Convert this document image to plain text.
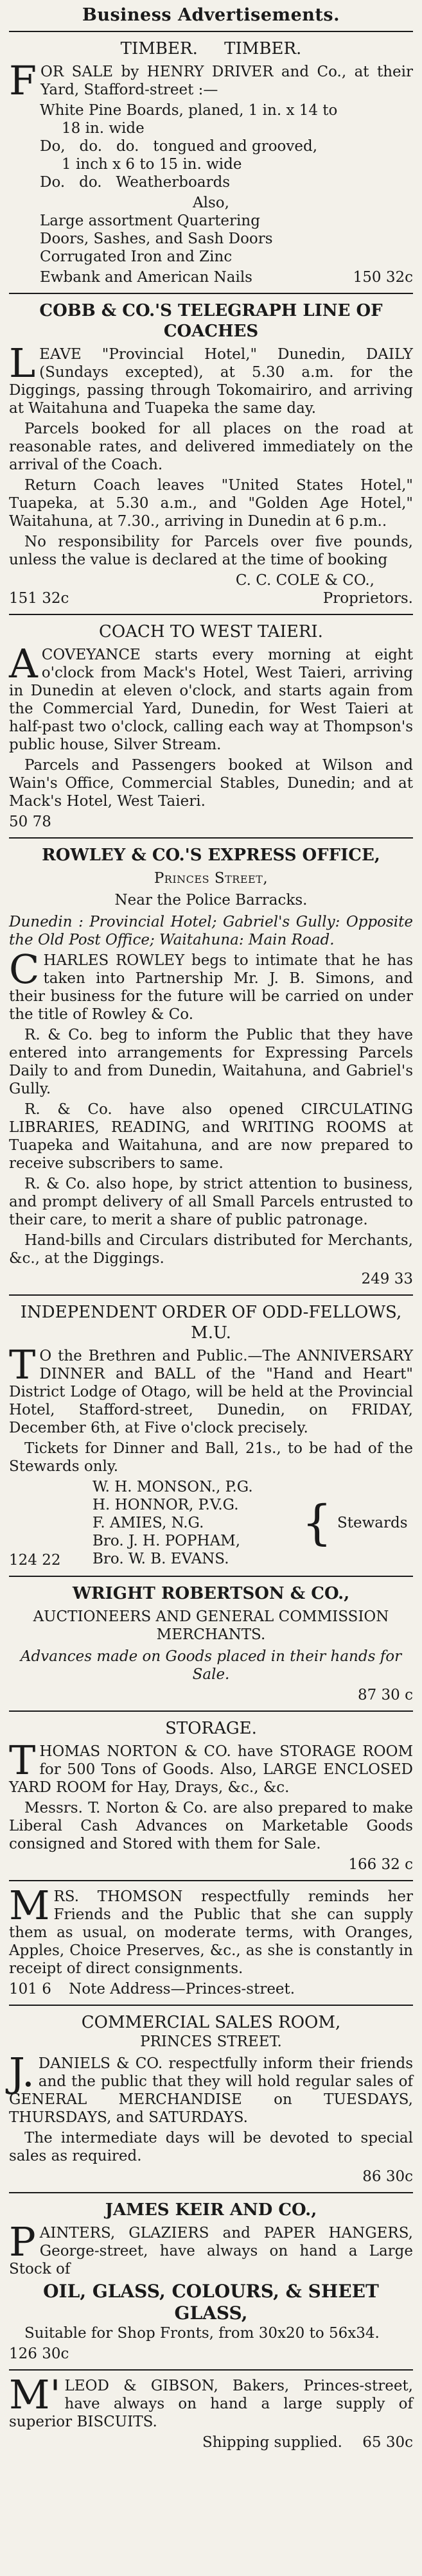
Business Advertisements.
TIMBER.     TIMBER.

FOR SALE by HENRY DRIVER and Co., at their Yard, Stafford-street :—

White Pine Boards, planed, 1 in. x 14 to
18 in. wide
Do,   do.   do.   tongued and grooved,
1 inch x 6 to 15 in. wide
Do.   do.   Weatherboards
Also,
Large assortment Quartering
Doors, Sashes, and Sash Doors
Corrugated Iron and Zinc
Ewbank and American Nails	150 32c
COBB & CO.'S TELEGRAPH LINE OF COACHES

LEAVE "Provincial Hotel," Dunedin, DAILY (Sundays excepted), at 5.30 a.m. for the Diggings, passing through Tokomairiro, and arriving at Waitahuna and Tuapeka the same day.

Parcels booked for all places on the road at reasonable rates, and delivered immediately on the arrival of the Coach.

Return Coach leaves "United States Hotel," Tuapeka, at 5.30 a.m., and "Golden Age Hotel," Waitahuna, at 7.30., arriving in Dunedin at 6 p.m..

No responsibility for Parcels over five pounds, unless the value is declared at the time of booking

C. C. COLE & CO.,
151 32c	Proprietors.
COACH TO WEST TAIERI.

ACOVEYANCE starts every morning at eight o'clock from Mack's Hotel, West Taieri, arriving in Dunedin at eleven o'clock, and starts again from the Commercial Yard, Dunedin, for West Taieri at half-past two o'clock, calling each way at Thompson's public house, Silver Stream.

Parcels and Passengers booked at Wilson and Wain's Office, Commercial Stables, Dunedin; and at Mack's Hotel, West Taieri.

50 78
ROWLEY & CO.'S EXPRESS OFFICE,
Princes Street,
Near the Police Barracks.

Dunedin : Provincial Hotel; Gabriel's Gully: Opposite the Old Post Office; Waitahuna: Main Road.

CHARLES ROWLEY begs to intimate that he has taken into Partnership Mr. J. B. Simons, and their business for the future will be carried on under the title of Rowley & Co.

R. & Co. beg to inform the Public that they have entered into arrangements for Expressing Parcels Daily to and from Dunedin, Waitahuna, and Gabriel's Gully.

R. & Co. have also opened CIRCULATING LIBRARIES, READING, and WRITING ROOMS at Tuapeka and Waitahuna, and are now prepared to receive subscribers to same.

R. & Co. also hope, by strict attention to business, and prompt delivery of all Small Parcels entrusted to their care, to merit a share of public patronage.

Hand-bills and Circulars distributed for Merchants, &c., at the Diggings.

249 33
INDEPENDENT ORDER OF ODD-FELLOWS, M.U.

TO the Brethren and Public.—The ANNIVERSARY DINNER and BALL of the "Hand and Heart" District Lodge of Otago, will be held at the Provincial Hotel, Stafford-street, Dunedin, on FRIDAY, December 6th, at Five o'clock precisely.

Tickets for Dinner and Ball, 21s., to be had of the Stewards only.

W. H. MONSON., P.G.
H. HONNOR, P.V.G.
F. AMIES, N.G.
Bro. J. H. POPHAM,
Bro. W. B. EVANS.
{ Stewards
124 22
WRIGHT ROBERTSON & CO.,
AUCTIONEERS AND GENERAL COMMISSION MERCHANTS.

Advances made on Goods placed in their hands for Sale.

87 30 c
STORAGE.

THOMAS NORTON & CO. have STORAGE ROOM for 500 Tons of Goods. Also, LARGE ENCLOSED YARD ROOM for Hay, Drays, &c., &c.

Messrs. T. Norton & Co. are also prepared to make Liberal Cash Advances on Marketable Goods consigned and Stored with them for Sale.

166 32 c

MRS. THOMSON respectfully reminds her Friends and the Public that she can supply them as usual, on moderate terms, with Oranges, Apples, Choice Preserves, &c., as she is constantly in receipt of direct consignments.

101 6 Note Address—Princes-street.
COMMERCIAL SALES ROOM,
PRINCES STREET.

J.DANIELS & CO. respectfully inform their friends and the public that they will hold regular sales of GENERAL MERCHANDISE on TUESDAYS, THURSDAYS, and SATURDAYS.

The intermediate days will be devoted to special sales as required.

86 30c
JAMES KEIR AND CO.,

PAINTERS, GLAZIERS and PAPER HANGERS, George-street, have always on hand a Large Stock of

OIL, GLASS, COLOURS, & SHEET GLASS,

Suitable for Shop Fronts, from 30x20 to 56x34.

126 30c

M'LEOD & GIBSON, Bakers, Princes-street, have always on hand a large supply of superior BISCUITS.

Shipping supplied. 65 30c
